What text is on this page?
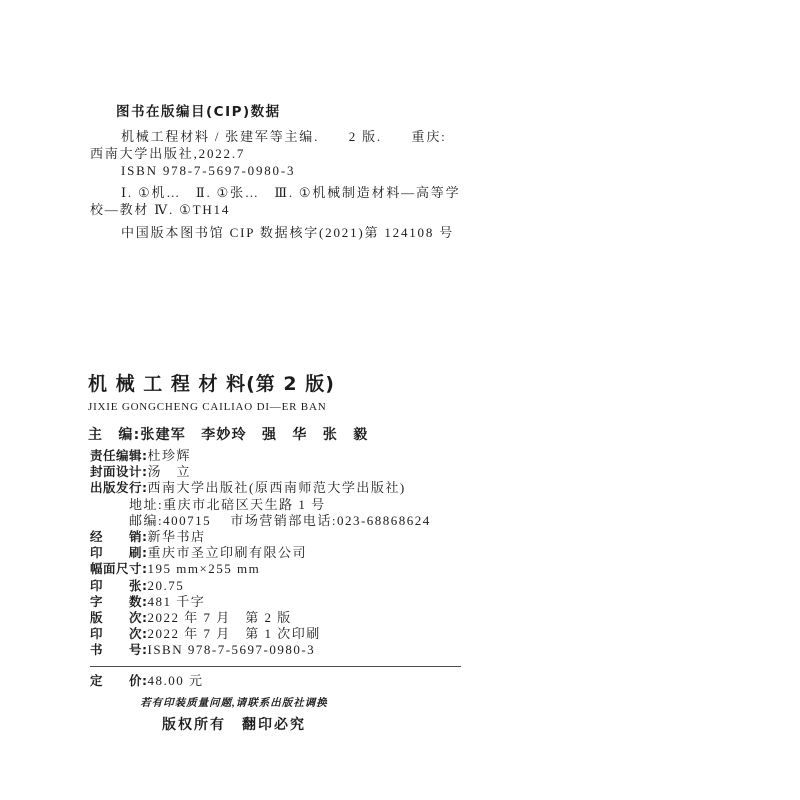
图书在版编目(CIP)数据
机械工程材料 / 张建军等主编.　　2 版.　　重庆:
西南大学出版社,2022.7
ISBN 978-7-5697-0980-3
Ⅰ. ①机…　Ⅱ. ①张…　Ⅲ. ①机械制造材料—高等学
校—教材 Ⅳ. ①TH14
中国版本图书馆 CIP 数据核字(2021)第 124108 号
机 械 工 程 材 料(第 2 版)
JIXIE GONGCHENG CAILIAO DI—ER BAN
主　编:张建军　李妙玲　强　华　张　毅
责任编辑:杜珍辉
封面设计:汤　立
出版发行:西南大学出版社(原西南师范大学出版社)
地址:重庆市北碚区天生路 1 号
邮编:400715　 市场营销部电话:023-68868624
经　　销:新华书店
印　　刷:重庆市圣立印刷有限公司
幅面尺寸:195 mm×255 mm
印　　张:20.75
字　　数:481 千字
版　　次:2022 年 7 月　第 2 版
印　　次:2022 年 7 月　第 1 次印刷
书　　号:ISBN 978-7-5697-0980-3
定　　价:48.00 元
若有印装质量问题,请联系出版社调换
版权所有　翻印必究
